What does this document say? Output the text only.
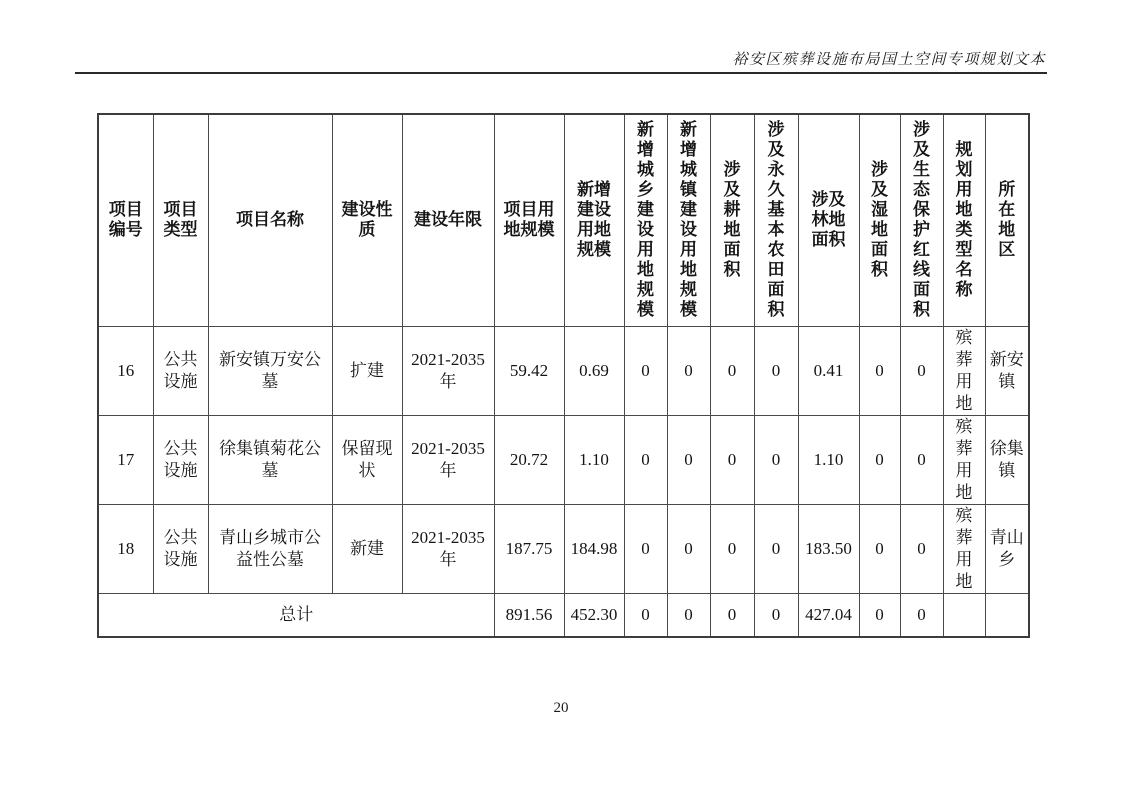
裕安区殡葬设施布局国土空间专项规划文本
项目编号	项目类型	项目名称	建设性质	建设年限	项目用地规模	新增建设用地规模	新增城乡建设用地规模	新增城镇建设用地规模	涉及耕地面积	涉及永久基本农田面积	涉及林地面积	涉及湿地面积	涉及生态保护红线面积	规划用地类型名称	所在地区
16	公共设施	新安镇万安公墓	扩建	2021-2035年	59.42	0.69	0	0	0	0	0.41	0	0	殡葬用地	新安镇
17	公共设施	徐集镇菊花公墓	保留现状	2021-2035年	20.72	1.10	0	0	0	0	1.10	0	0	殡葬用地	徐集镇
18	公共设施	青山乡城市公益性公墓	新建	2021-2035年	187.75	184.98	0	0	0	0	183.50	0	0	殡葬用地	青山乡
总计					891.56	452.30	0	0	0	0	427.04	0	0		
20
